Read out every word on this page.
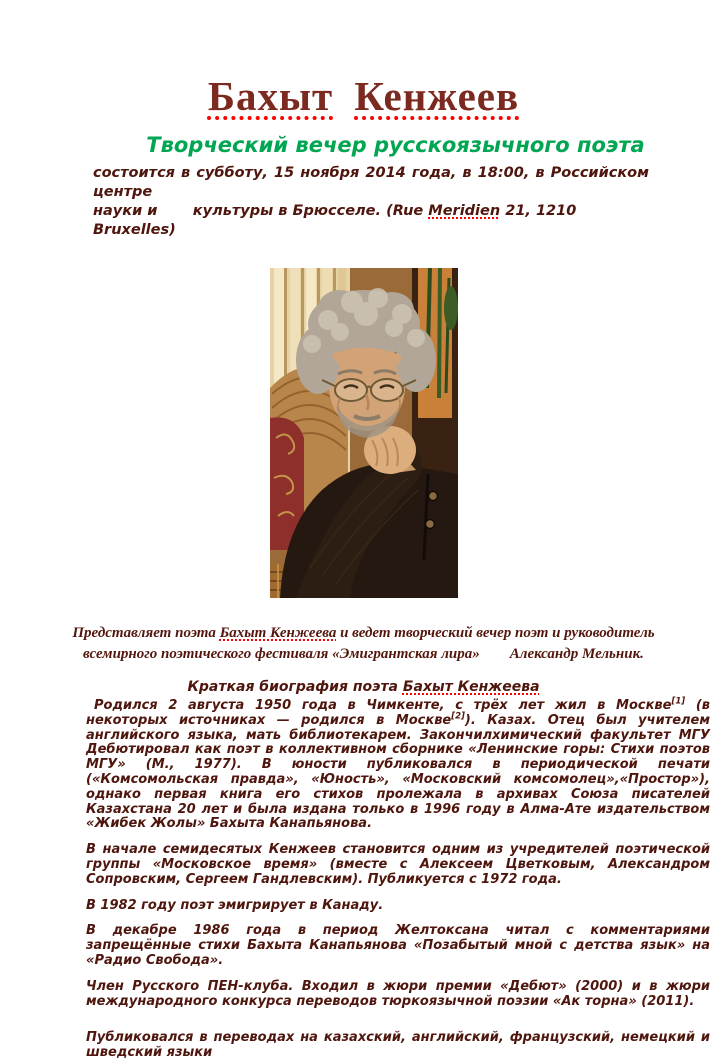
Бахыт Кенжеев
Творческий вечер русскоязычного поэта
состоится в субботу, 15 ноября 2014 года, в 18:00, в Российском центре
науки и       культуры в Брюсселе. (Rue Meridien 21, 1210 Bruxelles)
Представляет поэта Бахыт Кенжеева и ведет творческий вечер поэт и руководитель
всемирного поэтического фестиваля «Эмигрантская лира»        Александр Мельник.
Краткая биография поэта Бахыт Кенжеева

Родился 2 августа 1950 года в Чимкенте, с трёх лет жил в Москве[1] (в некоторых источниках — родился в Москве[2]). Казах. Отец был учителем английского языка, мать библиотекарем. Закончилхимический факультет МГУ Дебютировал как поэт в коллективном сборнике «Ленинские горы: Стихи поэтов МГУ» (М., 1977). В юности публиковался в периодической печати («Комсомольская правда», «Юность», «Московский комсомолец»,«Простор»), однако первая книга его стихов пролежала в архивах Союза писателей Казахстана 20 лет и была издана только в 1996 году в Алма-Ате издательством «Жибек Жолы» Бахыта Канапьянова.

В начале семидесятых Кенжеев становится одним из учредителей поэтической группы «Московское время» (вместе с Алексеем Цветковым, Александром Сопровским, Сергеем Гандлевским). Публикуется с 1972 года.

В 1982 году поэт эмигрирует в Канаду.

В декабре 1986 года в период Желтоксана читал с комментариями запрещённые стихи Бахыта Канапьянова «Позабытый мной с детства язык» на «Радио Свобода».

Член Русского ПЕН-клуба. Входил в жюри премии «Дебют» (2000) и в жюри международного конкурса переводов тюркоязычной поэзии «Ак торна» (2011).

Публиковался в переводах на казахский, английский, французский, немецкий и шведский языки
